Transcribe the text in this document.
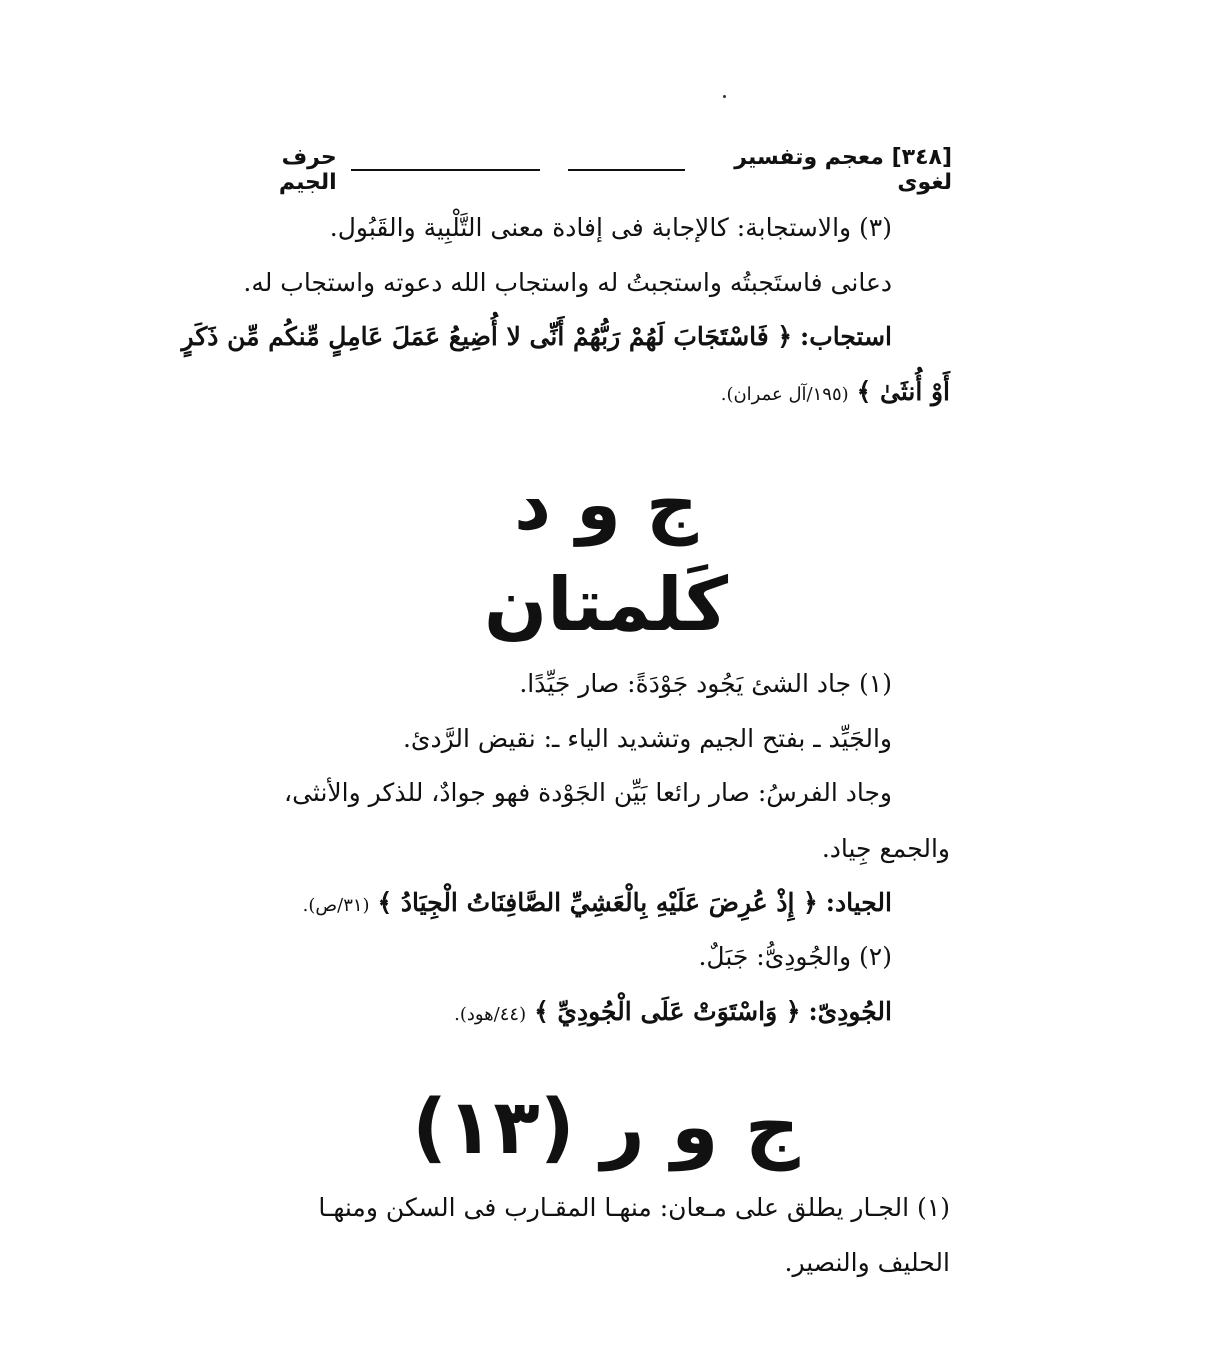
[٣٤٨] معجم وتفسير لغوى
حرف الجيم
(٣) والاستجابة: كالإجابة فى إفادة معنى التَّلْبِية والقَبُول.
دعانى فاستَجبتُه واستجبتُ له واستجاب الله دعوته واستجاب له.
استجاب: ﴿ فَاسْتَجَابَ لَهُمْ رَبُّهُمْ أَنِّى لا أُضِيعُ عَمَلَ عَامِلٍ مِّنكُم مِّن ذَكَرٍ
أَوْ أُنثَىٰ ﴾ (١٩٥/آل عمران).
ج و د
كَلمتان
(١) جاد الشئ يَجُود جَوْدَةً: صار جَيِّدًا.
والجَيِّد ـ بفتح الجيم وتشديد الياء ـ: نقيض الرَّدئ.
وجاد الفرسُ: صار رائعا بَيِّن الجَوْدة فهو جوادٌ، للذكر والأنثى،
والجمع جِياد.
الجياد: ﴿ إِذْ عُرِضَ عَلَيْهِ بِالْعَشِيِّ الصَّافِنَاتُ الْجِيَادُ ﴾ (٣١/ص).
(٢) والجُودِىُّ: جَبَلٌ.
الجُودِىّ: ﴿ وَاسْتَوَتْ عَلَى الْجُودِيِّ ﴾ (٤٤/هود).
ج و ر (١٣)
(١) الجـار يطلق على مـعان: منهـا المقـارب فى السكن ومنهـا
الحليف والنصير.
